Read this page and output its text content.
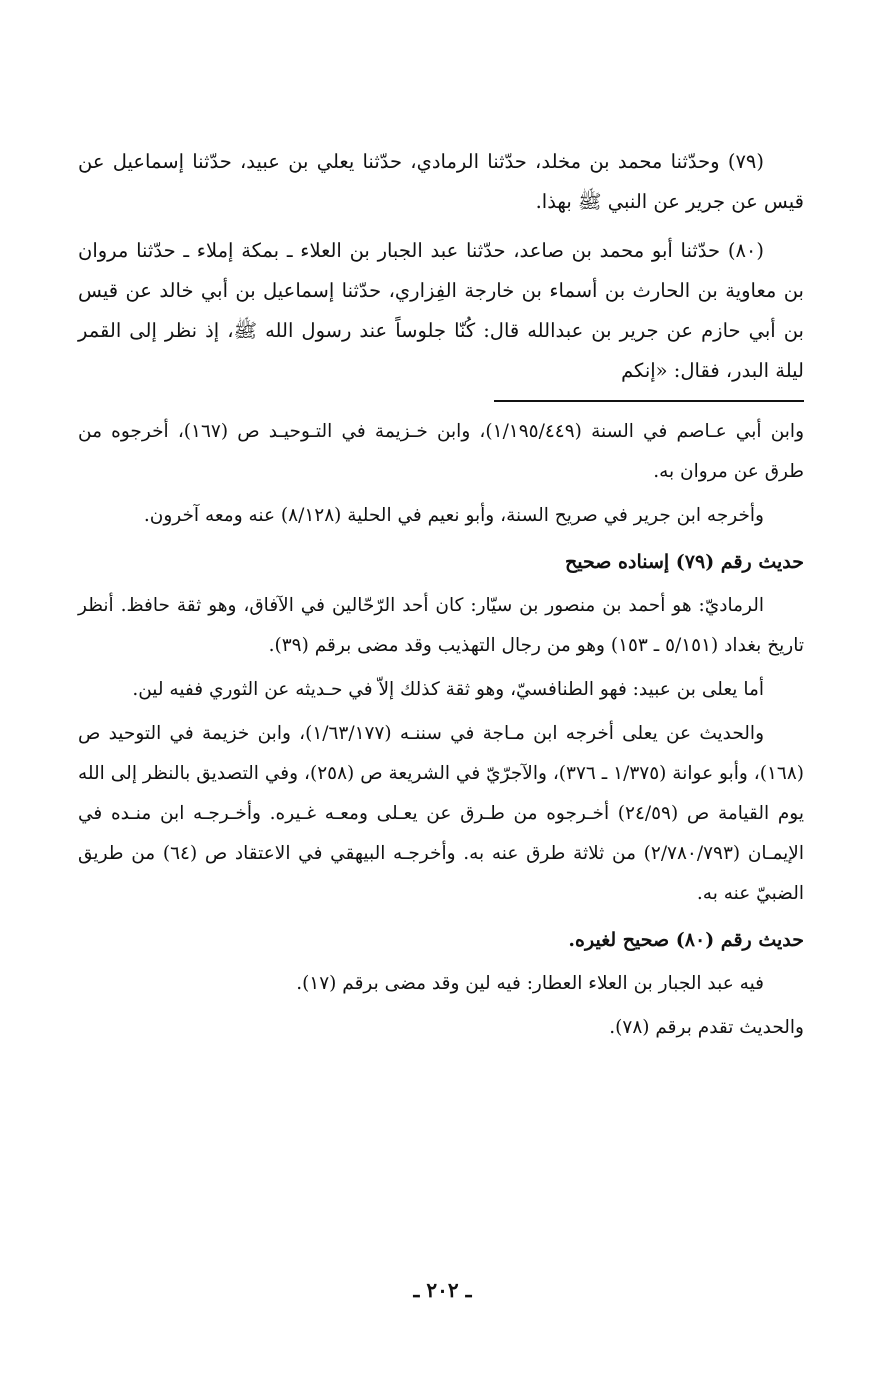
(٧٩) وحدّثنا محمد بن مخلد، حدّثنا الرمادي، حدّثنا يعلي بن عبيد، حدّثنا إسماعيل عن قيس عن جرير عن النبي ﷺ بهذا.

(٨٠) حدّثنا أبو محمد بن صاعد، حدّثنا عبد الجبار بن العلاء ـ بمكة إملاء ـ حدّثنا مروان بن معاوية بن الحارث بن أسماء بن خارجة الفِزاري، حدّثنا إسماعيل بن أبي خالد عن قيس بن أبي حازم عن جرير بن عبدالله قال: كُنّا جلوساً عند رسول الله ﷺ، إذ نظر إلى القمر ليلة البدر، فقال: «إنكم

وابن أبي عـاصم في السنة (١/١٩٥/٤٤٩)، وابن خـزيمة في التـوحيـد ص (١٦٧)، أخرجوه من طرق عن مروان به.

وأخرجه ابن جرير في صريح السنة، وأبو نعيم في الحلية (٨/١٢٨) عنه ومعه آخرون.

حديث رقم (٧٩) إسناده صحيح

الرماديّ: هو أحمد بن منصور بن سيّار: كان أحد الرّحّالين في الآفاق، وهو ثقة حافظ. أنظر تاريخ بغداد (٥/١٥١ ـ ١٥٣) وهو من رجال التهذيب وقد مضى برقم (٣٩).

أما يعلى بن عبيد: فهو الطنافسيّ، وهو ثقة كذلك إلاّ في حـديثه عن الثوري ففيه لين.

والحديث عن يعلى أخرجه ابن مـاجة في سننـه (١/٦٣/١٧٧)، وابن خزيمة في التوحيد ص (١٦٨)، وأبو عوانة (١/٣٧٥ ـ ٣٧٦)، والآجرّيّ في الشريعة ص (٢٥٨)، وفي التصديق بالنظر إلى الله يوم القيامة ص (٢٤/٥٩) أخـرجوه من طـرق عن يعـلى ومعـه غـيره. وأخـرجـه ابن منـده في الإيمـان (٢/٧٨٠/٧٩٣) من ثلاثة طرق عنه به. وأخرجـه البيهقي في الاعتقاد ص (٦٤) من طريق الضبيّ عنه به.

حديث رقم (٨٠) صحيح لغيره.

فيه عبد الجبار بن العلاء العطار: فيه لين وقد مضى برقم (١٧).

والحديث تقدم برقم (٧٨).

ـ ٢٠٢ ـ
